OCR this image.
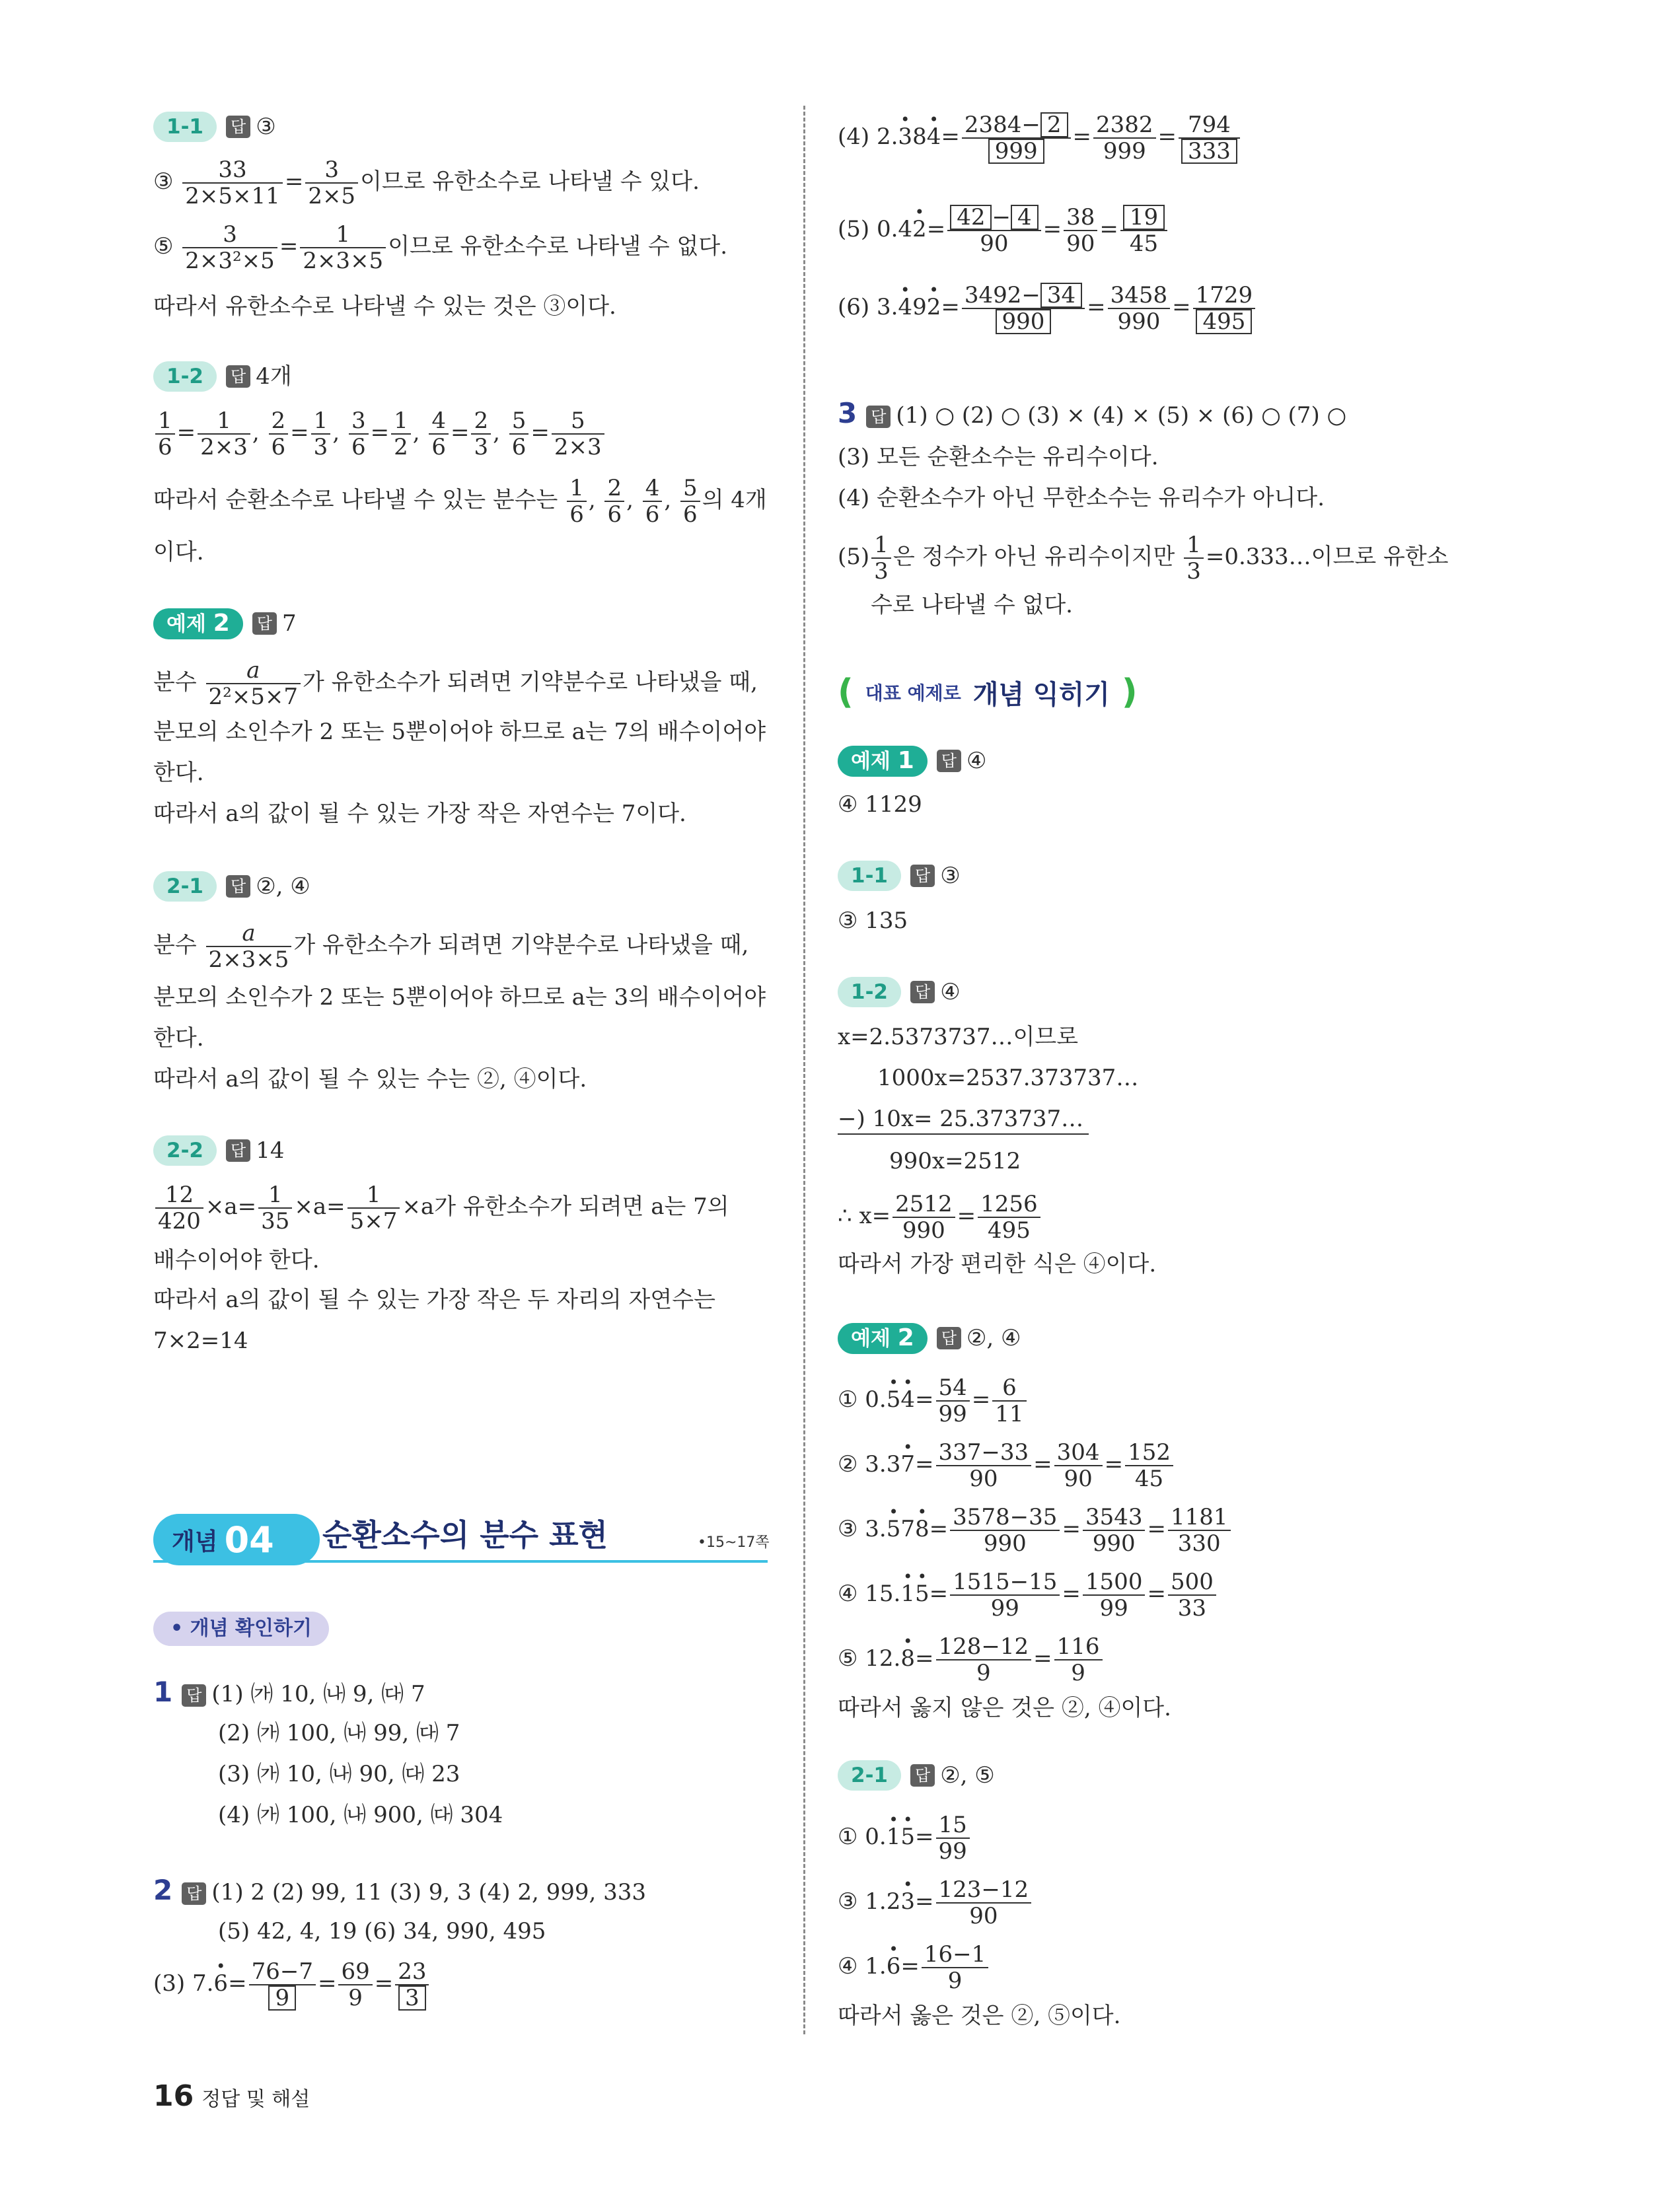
1-1 답 ③
③ $\frac{33}{2\times 5\times 11} = \frac{3}{2\times 5}$ 이므로 유한소수로 나타낼 수 있다.
⑤ $\frac{3}{\text{2×3²×5}} = \frac{1}{2\times 3\times 5}$ 이므로 유한소수로 나타낼 수 없다.
따라서 유한소수로 나타낼 수 있는 것은 ③이다.
1-2 답 4개
$\frac{1}{6} = \frac{1}{2\times 3}$ , $\frac{2}{6} = \frac{1}{3}$ , $\frac{3}{6} = \frac{1}{2}$ , $\frac{4}{6} = \frac{2}{3}$ , $\frac{5}{6} = \frac{5}{2\times 3}$
따라서 순환소수로 나타낼 수 있는 분수는 $\frac{1}{6}$ , $\frac{2}{6}$ , $\frac{4}{6}$ , $\frac{5}{6}$ 의 4개
이다.
예제 2 답 7
분수 $\frac{a}{\text{2²×5×7}}$ 가 유한소수가 되려면 기약분수로 나타냈을 때,
분모의 소인수가 2 또는 5뿐이어야 하므로 a는 7의 배수이어야
한다.
따라서 a의 값이 될 수 있는 가장 작은 자연수는 7이다.
2-1 답 ②, ④
분수 $\frac{a}{2\times 3\times 5}$ 가 유한소수가 되려면 기약분수로 나타냈을 때,
분모의 소인수가 2 또는 5뿐이어야 하므로 a는 3의 배수이어야
한다.
따라서 a의 값이 될 수 있는 수는 ②, ④이다.
2-2 답 14
$\frac{12}{420} \times a= \frac{1}{35} \times a= \frac{1}{5\times 7} \times a$가 유한소수가 되려면 a는 7의
배수이어야 한다.
따라서 a의 값이 될 수 있는 가장 작은 두 자리의 자연수는
7×2=14
개념 04 순환소수의 분수 표현	•15~17쪽
• 개념 확인하기
1 답 (1) ㈎ 10, ㈏ 9, ㈐ 7
(2) ㈎ 100, ㈏ 99, ㈐ 7
(3) ㈎ 10, ㈏ 90, ㈐ 23
(4) ㈎ 100, ㈏ 900, ㈐ 304
2 답 (1) 2 (2) 99, 11 (3) 9, 3 (4) 2, 999, 333
(5) 42, 4, 19 (6) 34, 990, 495
(3) 7.• $6= \frac{76-7}{9} = \frac{69}{9} = \frac{23}{3}$
(4) 2.• 38• $4= \frac{2384- 2}{999} = \frac{2382}{999} = \frac{794}{333}$
(5) 0.4• $2= \frac{42 - 4}{90} = \frac{38}{90} = \frac{19}{45}$
(6) 3.• 49• $2= \frac{3492- 34}{990} = \frac{3458}{990} = \frac{1729}{495}$
3 답 (1) ○ (2) ○ (3) × (4) × (5) × (6) ○ (7) ○
(3) 모든 순환소수는 유리수이다.
(4) 순환소수가 아닌 무한소수는 유리수가 아니다.
$(5) \frac{1}{3}$ 은 정수가 아닌 유리수이지만 $\frac{1}{3}$ =0.333…이므로 유한소
수로 나타낼 수 없다.
( 대표 예제로 개념 익히기 )
예제 1 답 ④
④ 1129
1-1 답 ③
③ 135
1-2 답 ④
x=2.5373737…이므로
1000x=2537.373737…
−) 10x= 25.373737…
990x=2512
∴ $x= \frac{2512}{990} = \frac{1256}{495}$
따라서 가장 편리한 식은 ④이다.
예제 2 답 ②, ④
① 0.• 5• $4= \frac{54}{99} = \frac{6}{11}$
② 3.3• $7= \frac{337-33}{90} = \frac{304}{90} = \frac{152}{45}$
③ 3.• 57• $8= \frac{3578-35}{990} = \frac{3543}{990} = \frac{1181}{330}$
④ 15.• 1• $5= \frac{1515-15}{99} = \frac{1500}{99} = \frac{500}{33}$
⑤ 12.• $8= \frac{128-12}{9} = \frac{116}{9}$
따라서 옳지 않은 것은 ②, ④이다.
2-1 답 ②, ⑤
① 0.• 1• $5= \frac{15}{99}$
③ 1.2• $3= \frac{123-12}{90}$
④ 1.• $6= \frac{16-1}{9}$
따라서 옳은 것은 ②, ⑤이다.
16 정답 및 해설
